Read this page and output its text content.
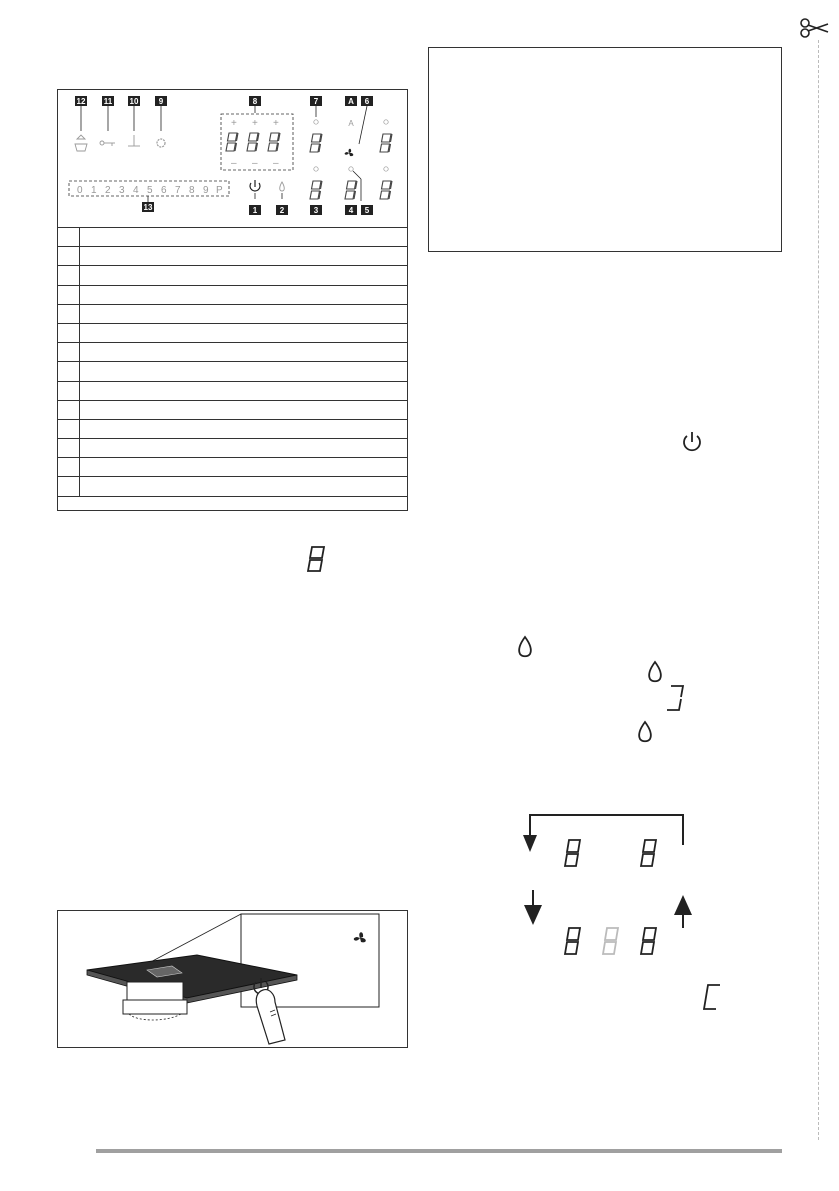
12 11 10	9	8	7	A 6
+ + +
– – –
A
0 1 2 3 4 5 6 7 8 9 P
13	1	2	3	4 5
